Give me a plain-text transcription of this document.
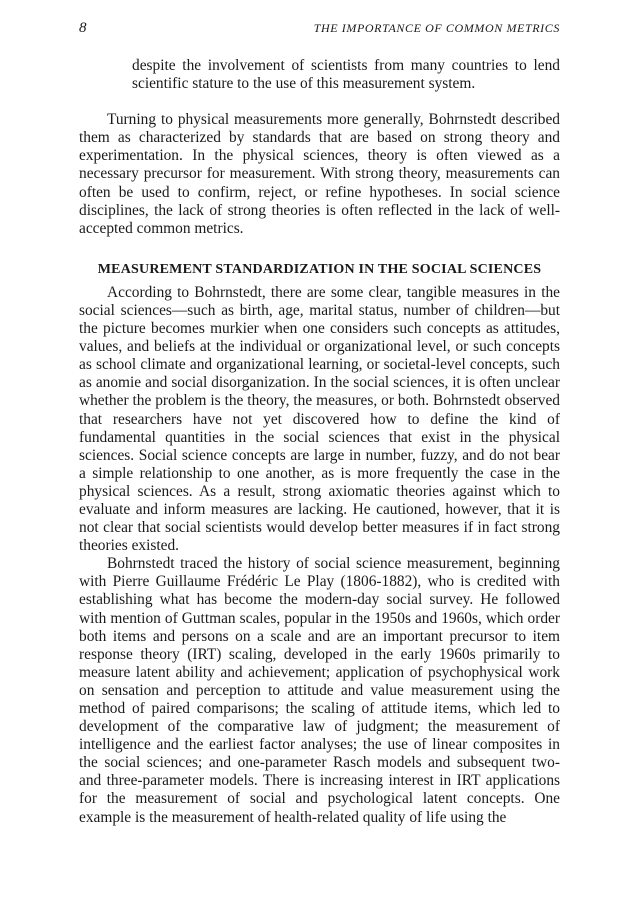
8	THE IMPORTANCE OF COMMON METRICS

despite the involvement of scientists from many countries to lend scientific stature to the use of this measurement system.

Turning to physical measurements more generally, Bohrnstedt described them as characterized by standards that are based on strong theory and experimentation. In the physical sciences, theory is often viewed as a necessary precursor for measurement. With strong theory, measurements can often be used to confirm, reject, or refine hypotheses. In social science disciplines, the lack of strong theories is often reflected in the lack of well-accepted common metrics.

MEASUREMENT STANDARDIZATION IN THE SOCIAL SCIENCES

According to Bohrnstedt, there are some clear, tangible measures in the social sciences—such as birth, age, marital status, number of children—but the picture becomes murkier when one considers such concepts as attitudes, values, and beliefs at the individual or organizational level, or such concepts as school climate and organizational learning, or societal-level concepts, such as anomie and social disorganization. In the social sciences, it is often unclear whether the problem is the theory, the measures, or both. Bohrnstedt observed that researchers have not yet discovered how to define the kind of fundamental quantities in the social sciences that exist in the physical sciences. Social science concepts are large in number, fuzzy, and do not bear a simple relationship to one another, as is more frequently the case in the physical sciences. As a result, strong axiomatic theories against which to evaluate and inform measures are lacking. He cautioned, however, that it is not clear that social scientists would develop better measures if in fact strong theories existed.

Bohrnstedt traced the history of social science measurement, beginning with Pierre Guillaume Frédéric Le Play (1806-1882), who is credited with establishing what has become the modern-day social survey. He followed with mention of Guttman scales, popular in the 1950s and 1960s, which order both items and persons on a scale and are an important precursor to item response theory (IRT) scaling, developed in the early 1960s primarily to measure latent ability and achievement; application of psychophysical work on sensation and perception to attitude and value measurement using the method of paired comparisons; the scaling of attitude items, which led to development of the comparative law of judgment; the measurement of intelligence and the earliest factor analyses; the use of linear composites in the social sciences; and one-parameter Rasch models and subsequent two- and three-parameter models. There is increasing interest in IRT applications for the measurement of social and psychological latent concepts. One example is the measurement of health-related quality of life using the
